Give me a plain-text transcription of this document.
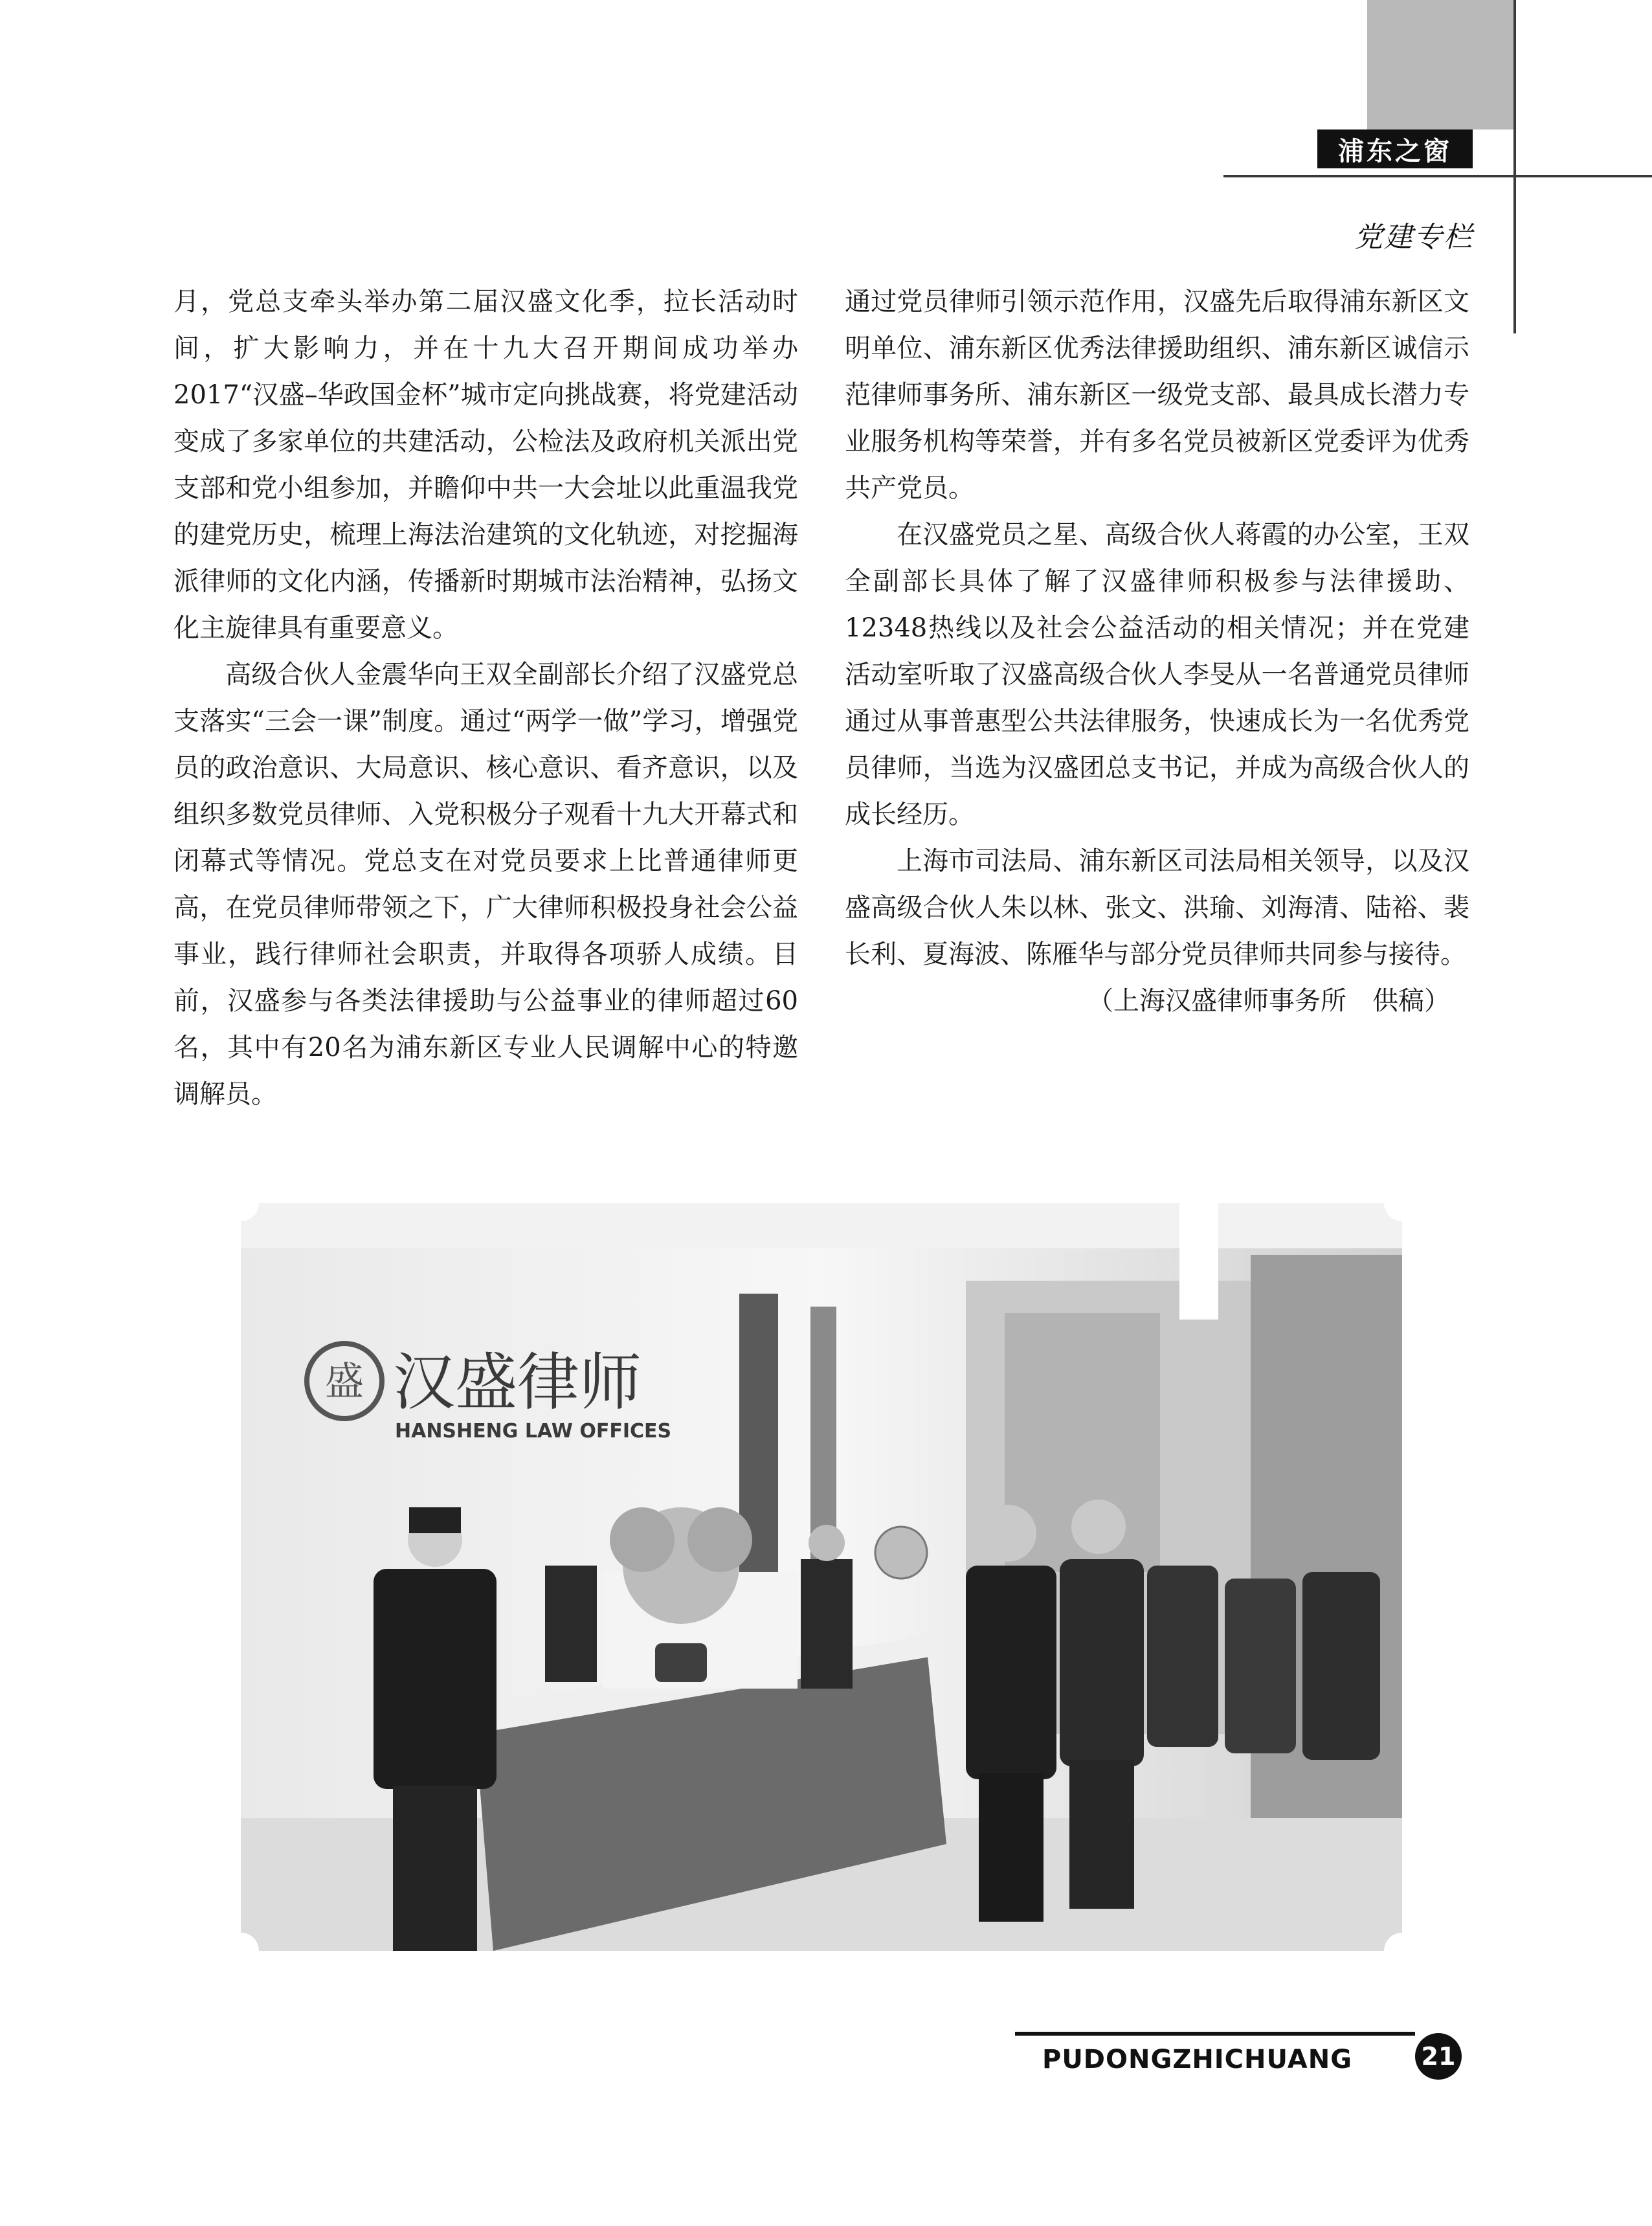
浦东之窗
党建专栏

月，党总支牵头举办第二届汉盛文化季，拉长活动时间，扩大影响力，并在十九大召开期间成功举办2017“汉盛–华政国金杯”城市定向挑战赛，将党建活动变成了多家单位的共建活动，公检法及政府机关派出党支部和党小组参加，并瞻仰中共一大会址以此重温我党的建党历史，梳理上海法治建筑的文化轨迹，对挖掘海派律师的文化内涵，传播新时期城市法治精神，弘扬文化主旋律具有重要意义。

高级合伙人金震华向王双全副部长介绍了汉盛党总支落实“三会一课”制度。通过“两学一做”学习，增强党员的政治意识、大局意识、核心意识、看齐意识，以及组织多数党员律师、入党积极分子观看十九大开幕式和闭幕式等情况。党总支在对党员要求上比普通律师更高，在党员律师带领之下，广大律师积极投身社会公益事业，践行律师社会职责，并取得各项骄人成绩。目前，汉盛参与各类法律援助与公益事业的律师超过60名，其中有20名为浦东新区专业人民调解中心的特邀调解员。

通过党员律师引领示范作用，汉盛先后取得浦东新区文明单位、浦东新区优秀法律援助组织、浦东新区诚信示范律师事务所、浦东新区一级党支部、最具成长潜力专业服务机构等荣誉，并有多名党员被新区党委评为优秀共产党员。

在汉盛党员之星、高级合伙人蒋霞的办公室，王双全副部长具体了解了汉盛律师积极参与法律援助、12348热线以及社会公益活动的相关情况；并在党建活动室听取了汉盛高级合伙人李旻从一名普通党员律师通过从事普惠型公共法律服务，快速成长为一名优秀党员律师，当选为汉盛团总支书记，并成为高级合伙人的成长经历。

上海市司法局、浦东新区司法局相关领导，以及汉盛高级合伙人朱以林、张文、洪瑜、刘海清、陆裕、裴长利、夏海波、陈雁华与部分党员律师共同参与接待。

（上海汉盛律师事务所　供稿）

盛 汉盛律师
HANSHENG LAW OFFICES
PUDONGZHICHUANG	21
